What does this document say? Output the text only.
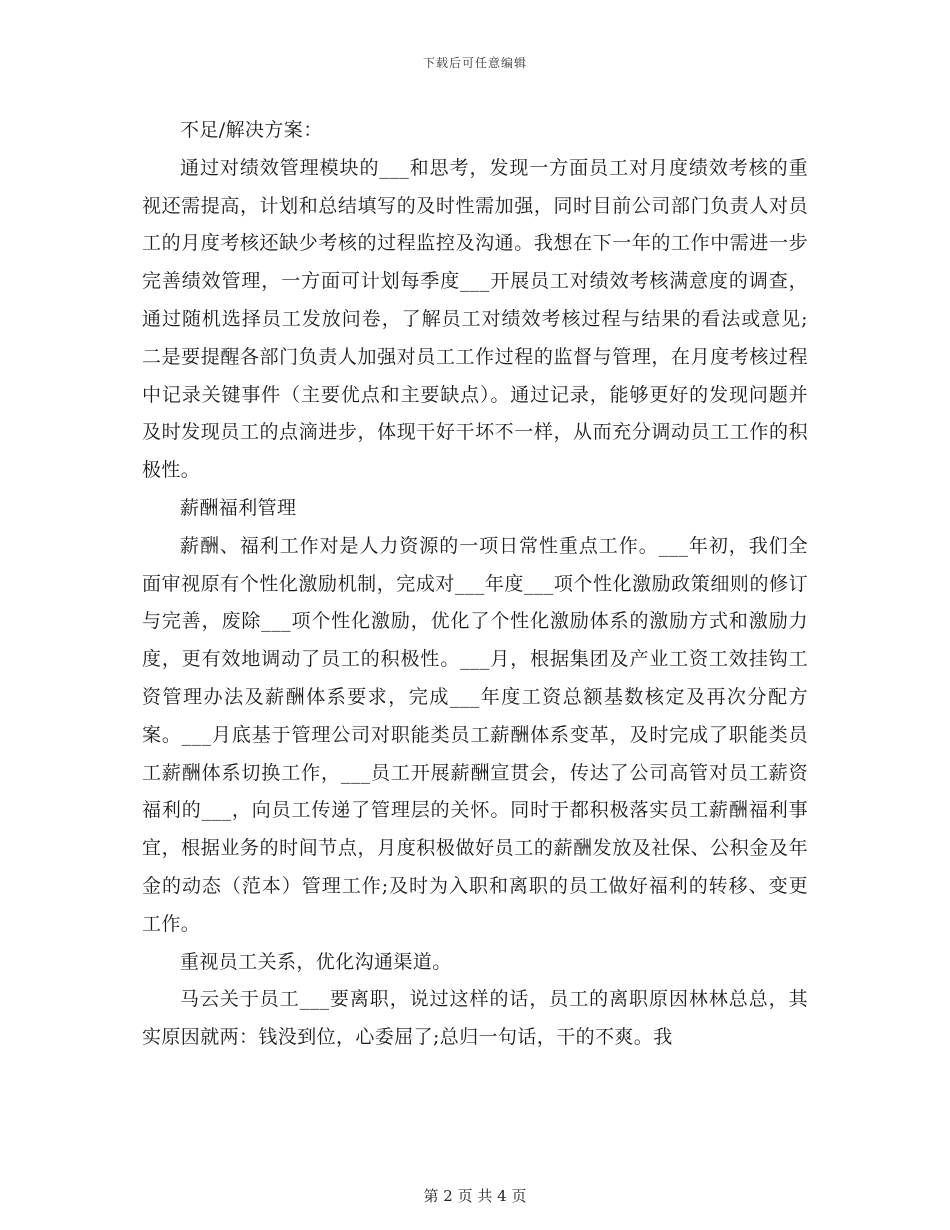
下载后可任意编辑

不足/解决方案：

通过对绩效管理模块的___和思考，发现一方面员工对月度绩效考核的重视还需提高，计划和总结填写的及时性需加强，同时目前公司部门负责人对员工的月度考核还缺少考核的过程监控及沟通。我想在下一年的工作中需进一步完善绩效管理，一方面可计划每季度___开展员工对绩效考核满意度的调查，通过随机选择员工发放问卷，了解员工对绩效考核过程与结果的看法或意见;二是要提醒各部门负责人加强对员工工作过程的监督与管理，在月度考核过程中记录关键事件（主要优点和主要缺点）。通过记录，能够更好的发现问题并及时发现员工的点滴进步，体现干好干坏不一样，从而充分调动员工工作的积极性。

薪酬福利管理

薪酬、福利工作对是人力资源的一项日常性重点工作。___年初，我们全面审视原有个性化激励机制，完成对___年度___项个性化激励政策细则的修订与完善，废除___项个性化激励，优化了个性化激励体系的激励方式和激励力度，更有效地调动了员工的积极性。___月，根据集团及产业工资工效挂钩工资管理办法及薪酬体系要求，完成___年度工资总额基数核定及再次分配方案。___月底基于管理公司对职能类员工薪酬体系变革，及时完成了职能类员工薪酬体系切换工作，___员工开展薪酬宣贯会，传达了公司高管对员工薪资福利的___，向员工传递了管理层的关怀。同时于都积极落实员工薪酬福利事宜，根据业务的时间节点，月度积极做好员工的薪酬发放及社保、公积金及年金的动态（范本）管理工作;及时为入职和离职的员工做好福利的转移、变更工作。

重视员工关系，优化沟通渠道。

马云关于员工___要离职，说过这样的话，员工的离职原因林林总总，其实原因就两：钱没到位，心委屈了;总归一句话，干的不爽。我

第 2 页 共 4 页
